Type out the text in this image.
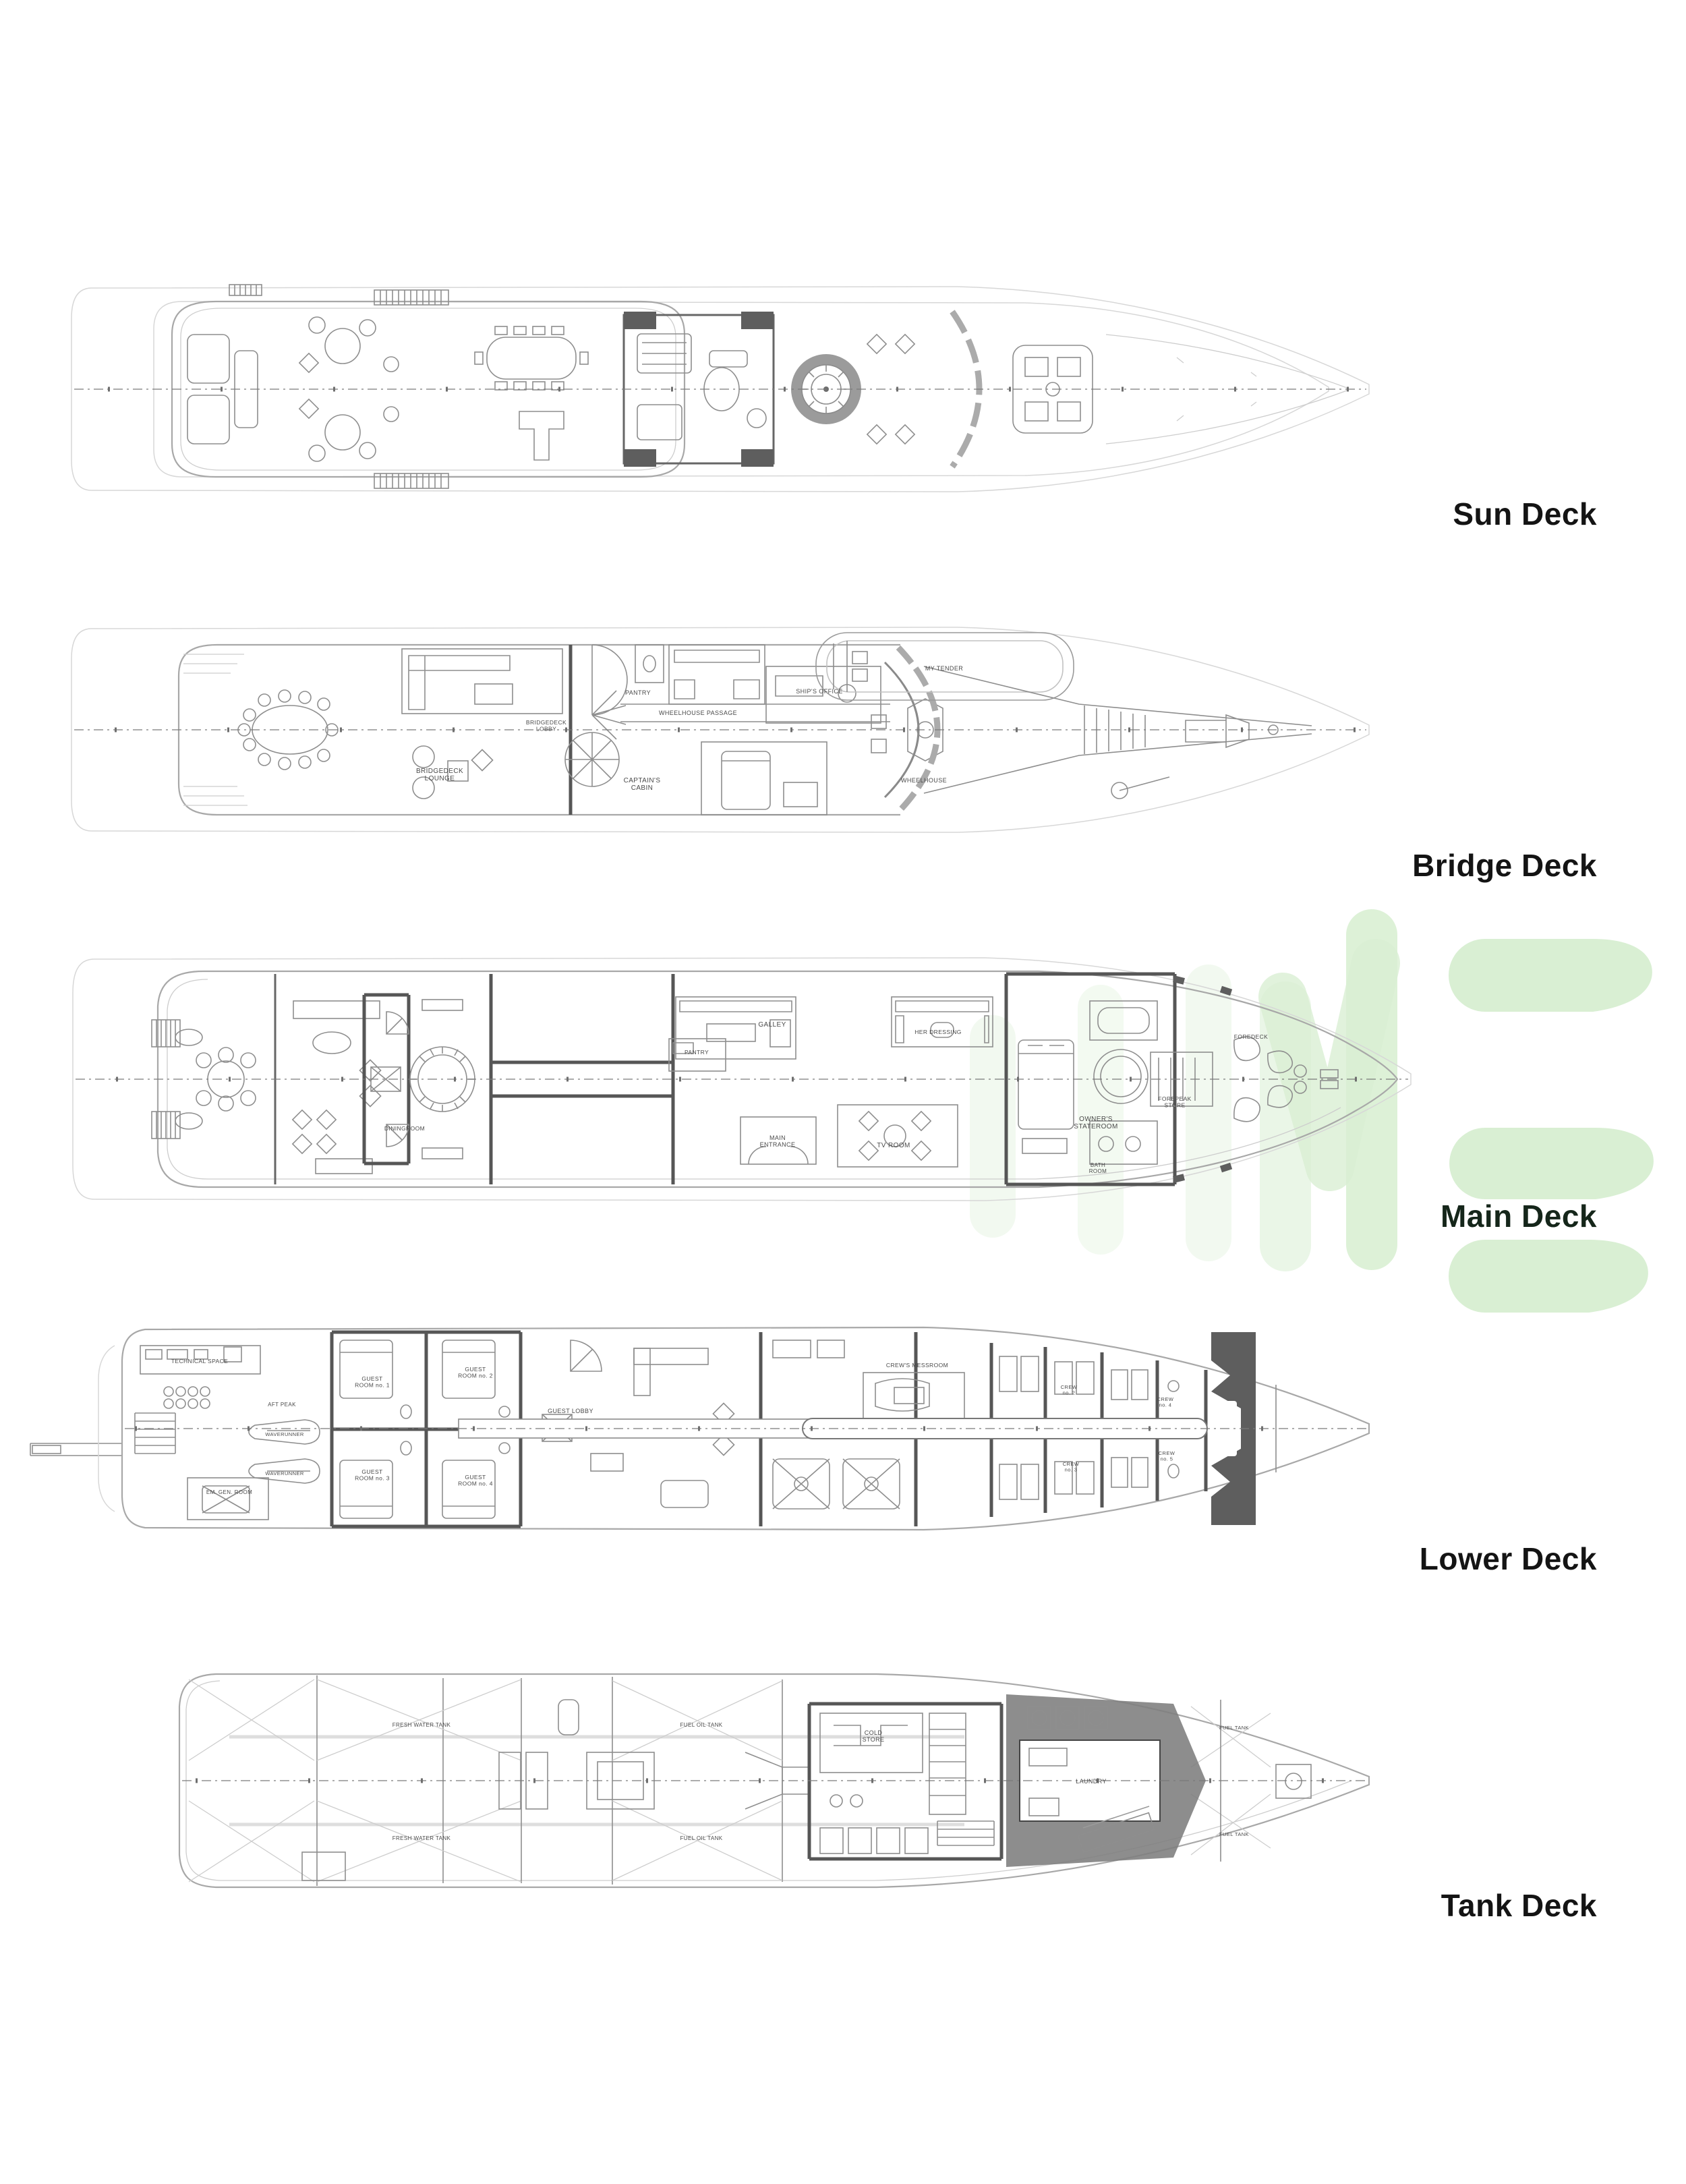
BRIDGEDECK LOUNGE
BRIDGEDECK LOBBY
WHEELHOUSE PASSAGE
PANTRY	SHIP'S OFFICE
CAPTAIN'S CABIN
WHEELHOUSE
MY TENDER
DININGROOM
GALLEY
PANTRY
MAIN ENTRANCE	TV ROOM
HER DRESSING
OWNER'S STATEROOM
BATH ROOM
FOREPEAK STORE
FOREDECK
TECHNICAL SPACE
AFT PEAK
EM. GEN. ROOM
WAVERUNNER
WAVERUNNER
GUEST ROOM no. 1
GUEST ROOM no. 2
GUEST ROOM no. 3	GUEST ROOM no. 4
GUEST LOBBY
CREW'S MESSROOM
CREW no. 2
CREW no. 3
CREW no. 4
CREW no. 5
FRESH WATER TANK
FRESH WATER TANK
FUEL OIL TANK
FUEL OIL TANK
COLD STORE
LAUNDRY
FUEL TANK
FUEL TANK
Sun Deck
Bridge Deck
Main Deck
Lower Deck
Tank Deck
